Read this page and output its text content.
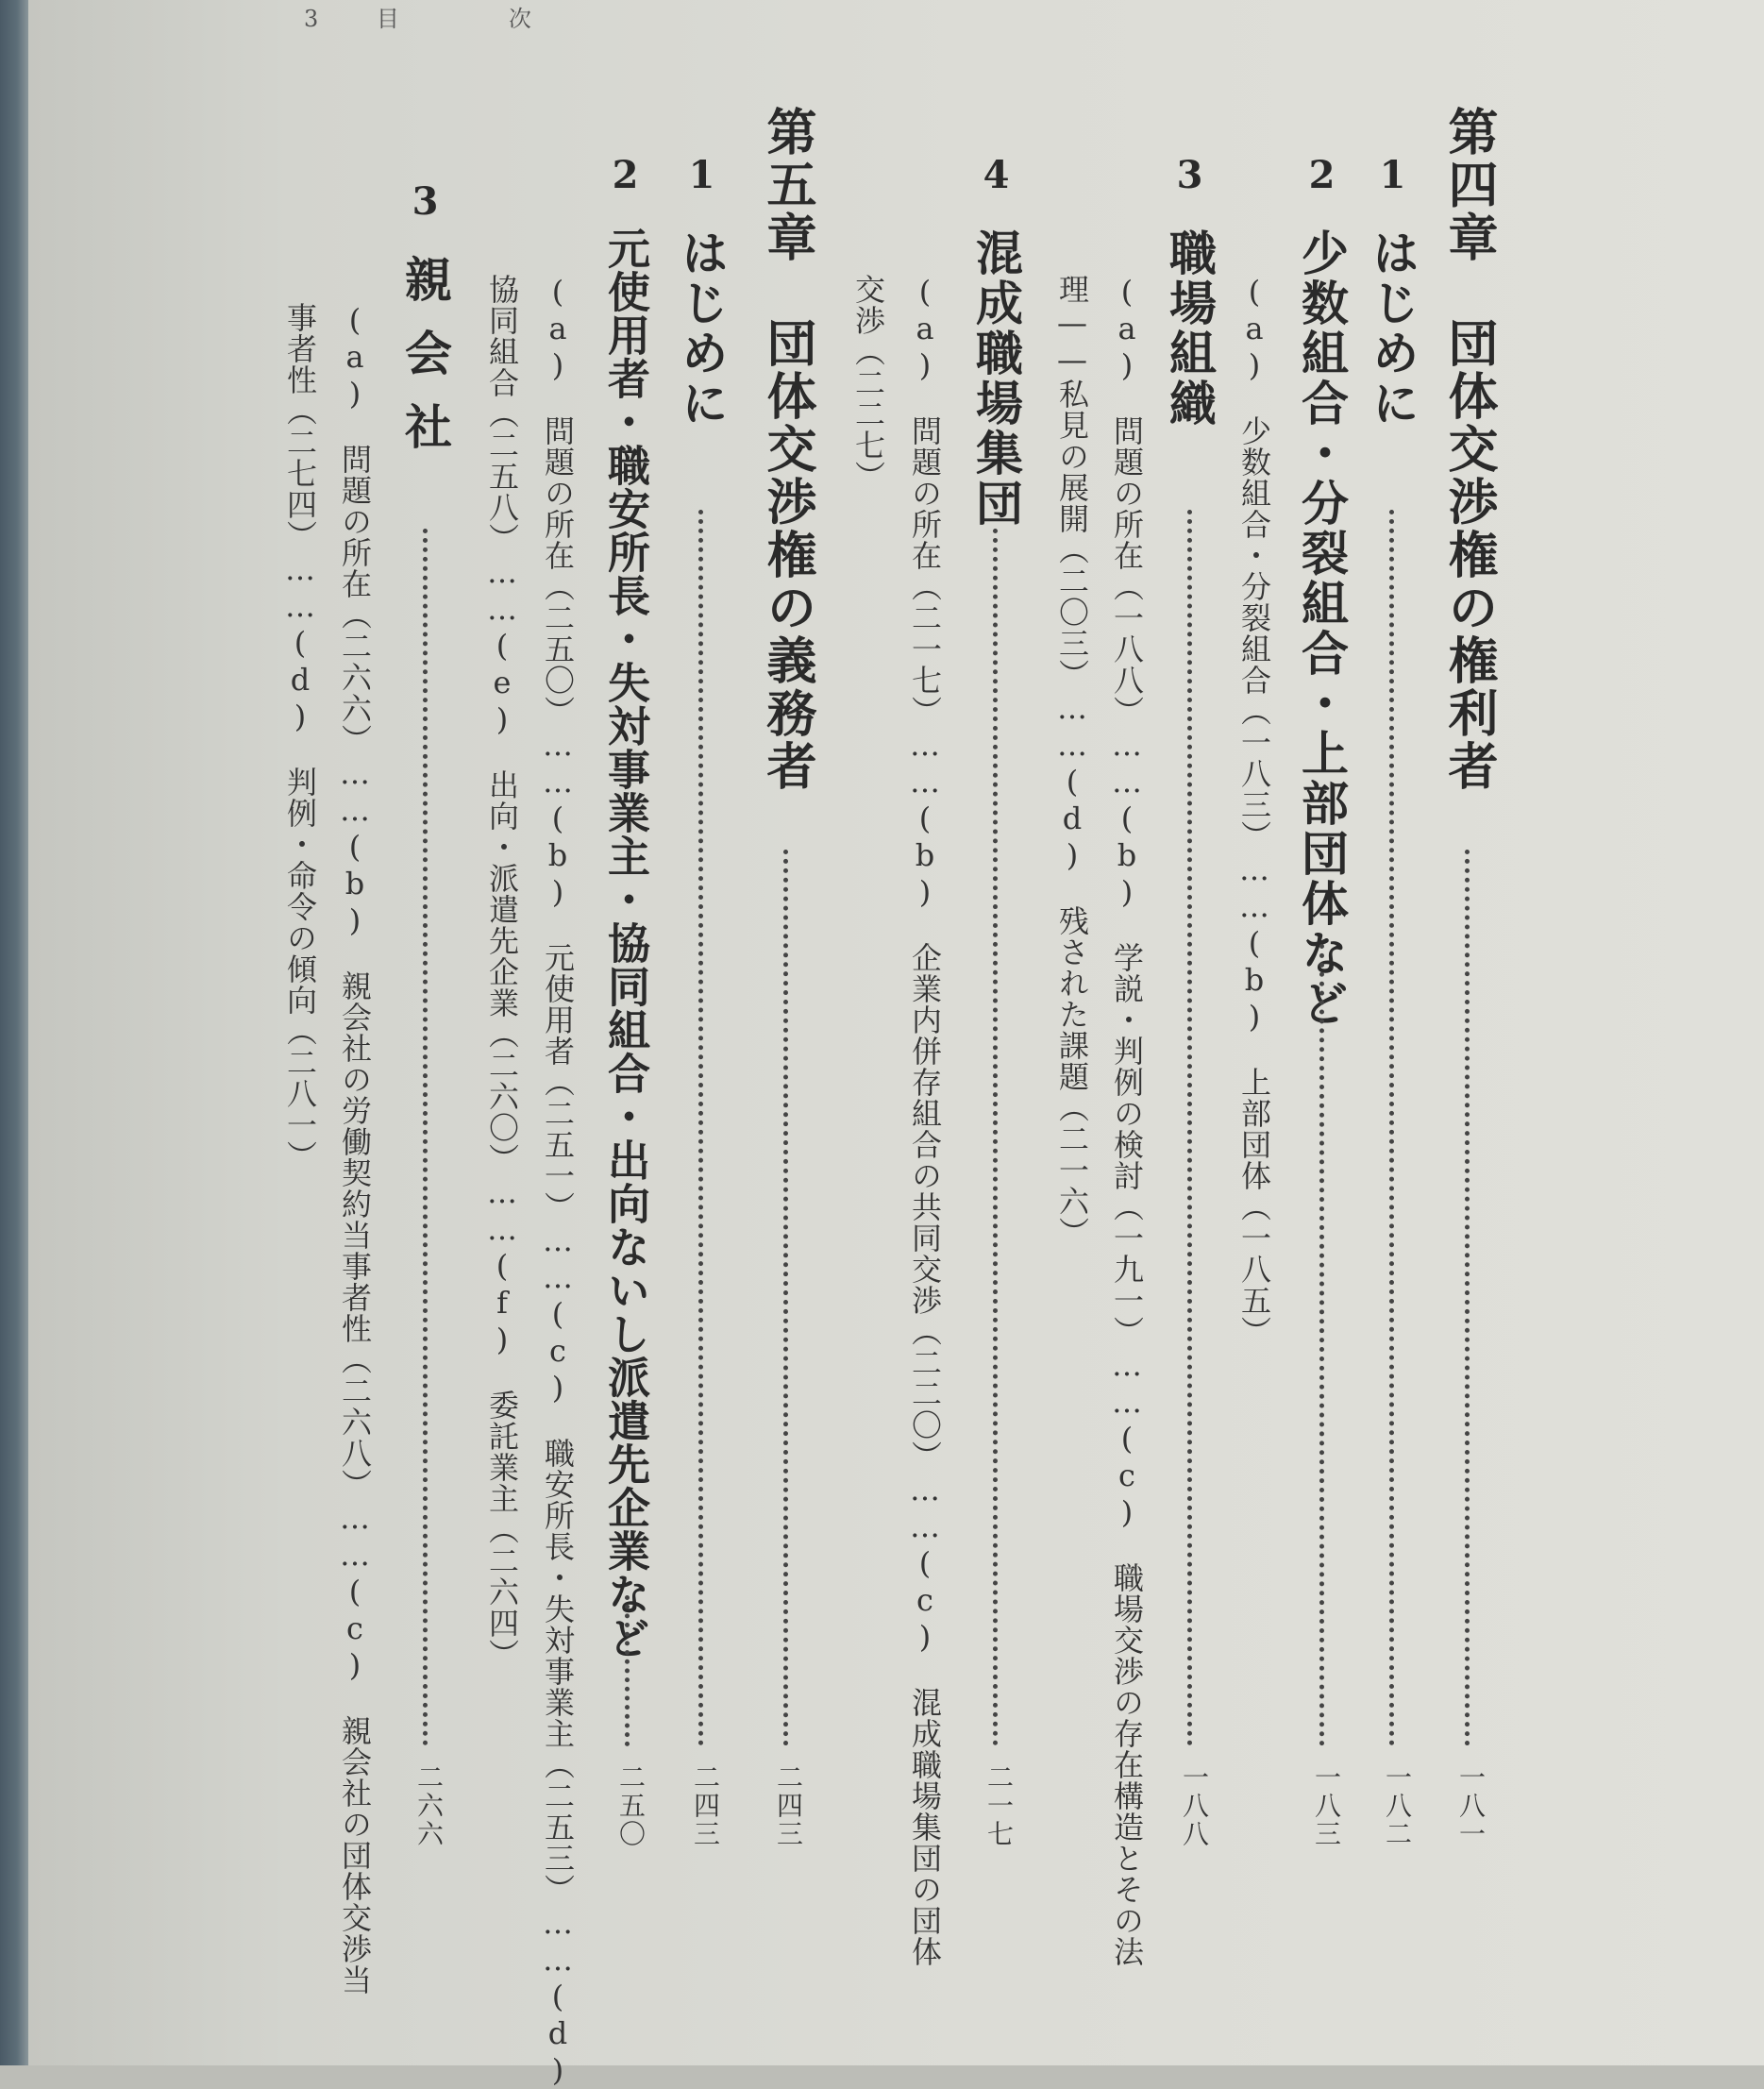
3 目　次
第四章　団体交渉権の権利者
一八一
1はじめに
一八二
2少数組合・分裂組合・上部団体など
一八三
(a)　少数組合・分裂組合（一八三）……(b)　上部団体（一八五）
3職場組織
一八八
(a)　問題の所在（一八八）……(b)　学説・判例の検討（一九一）……(c)　職場交渉の存在構造とその法
理——私見の展開（二〇三）……(d)　残された課題（二一六）
4混成職場集団
二一七
(a)　問題の所在（二一七）……(b)　企業内併存組合の共同交渉（二二〇）……(c)　混成職場集団の団体
交渉（二二七）
第五章　団体交渉権の義務者
二四三
1はじめに
二四三
2元使用者・職安所長・失対事業主・協同組合・出向ないし派遣先企業など
二五〇
(a)　問題の所在（二五〇）……(b)　元使用者（二五一）……(c)　職安所長・失対事業主（二五三）……(d)
協同組合（二五八）……(e)　出向・派遣先企業（二六〇）……(f)　委託業主（二六四）
3親会社
二六六
(a)　問題の所在（二六六）……(b)　親会社の労働契約当事者性（二六八）……(c)　親会社の団体交渉当
事者性（二七四）……(d)　判例・命令の傾向（二八一）
